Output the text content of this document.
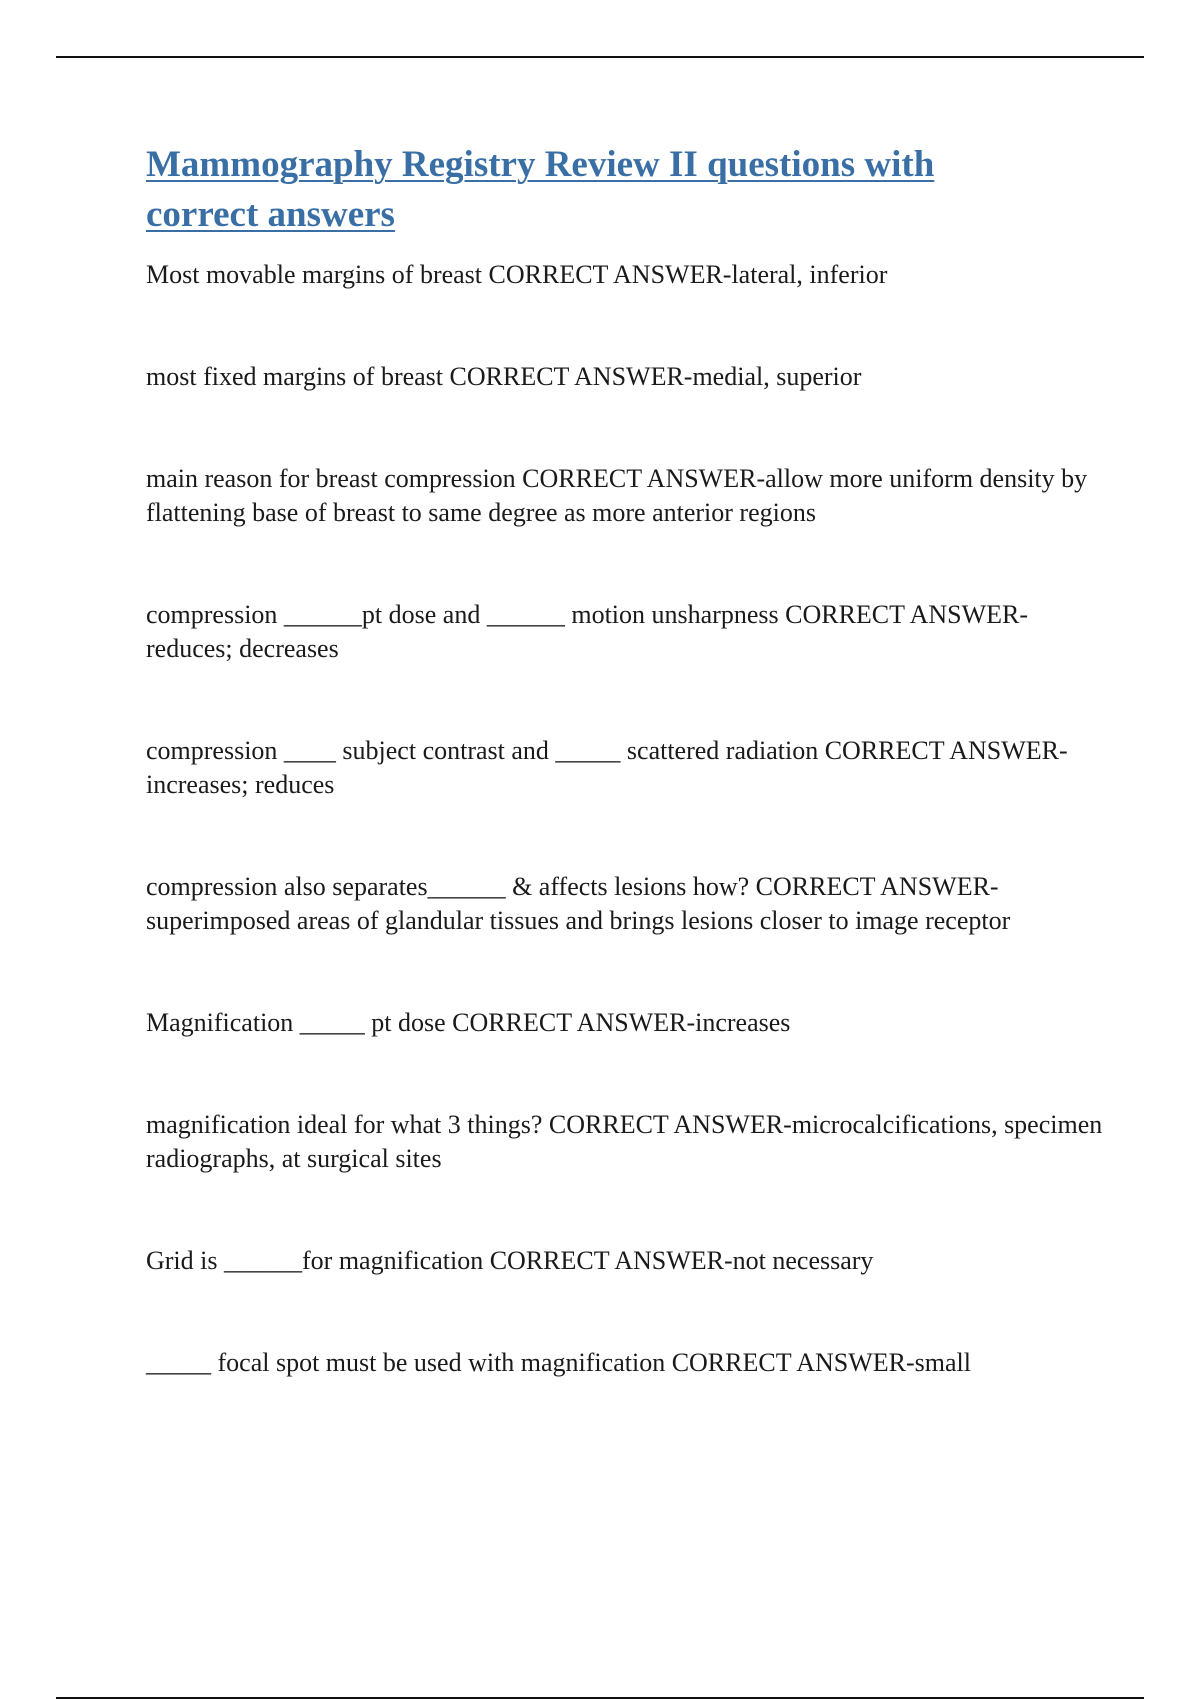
Mammography Registry Review II questions with correct answers

Most movable margins of breast CORRECT ANSWER-lateral, inferior

most fixed margins of breast CORRECT ANSWER-medial, superior

main reason for breast compression CORRECT ANSWER-allow more uniform density by flattening base of breast to same degree as more anterior regions

compression ______pt dose and ______ motion unsharpness CORRECT ANSWER-reduces; decreases

compression ____ subject contrast and _____ scattered radiation CORRECT ANSWER-increases; reduces

compression also separates______ & affects lesions how? CORRECT ANSWER-superimposed areas of glandular tissues and brings lesions closer to image receptor

Magnification _____ pt dose CORRECT ANSWER-increases

magnification ideal for what 3 things? CORRECT ANSWER-microcalcifications, specimen radiographs, at surgical sites

Grid is ______for magnification CORRECT ANSWER-not necessary

_____ focal spot must be used with magnification CORRECT ANSWER-small
